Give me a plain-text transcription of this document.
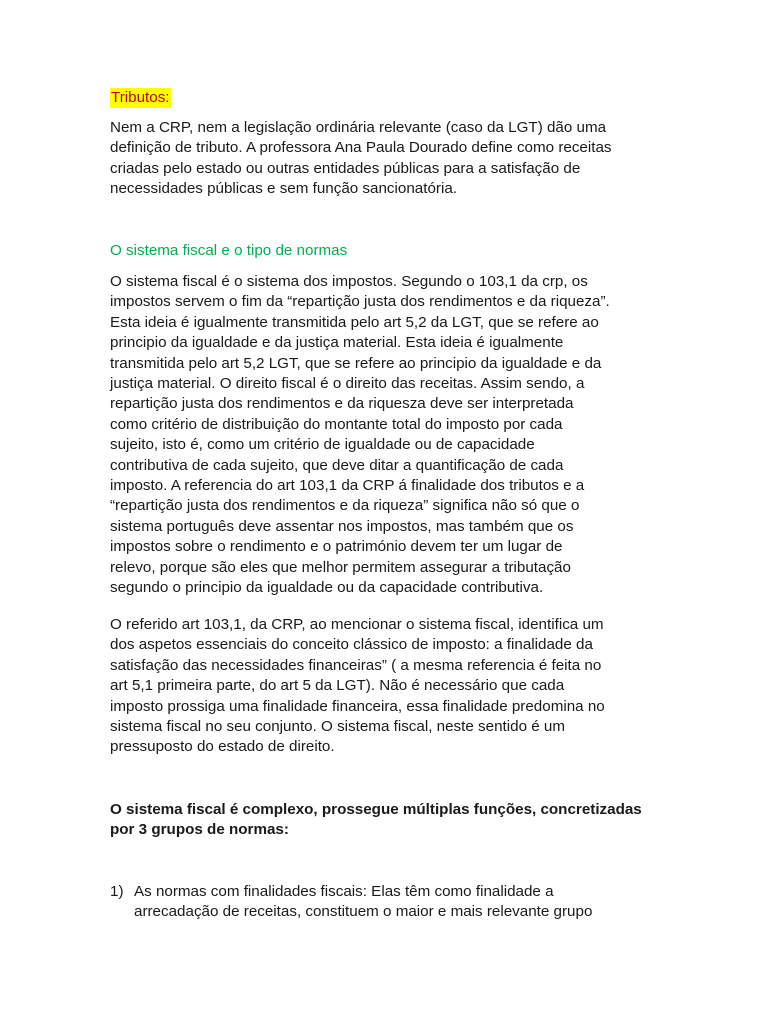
Tributos:

Nem a CRP, nem a legislação ordinária relevante (caso da LGT) dão uma
definição de tributo. A professora Ana Paula Dourado define como receitas
criadas pelo estado ou outras entidades públicas para a satisfação de
necessidades públicas e sem função sancionatória.

O sistema fiscal e o tipo de normas

O sistema fiscal é o sistema dos impostos. Segundo o 103,1 da crp, os
impostos servem o fim da “repartição justa dos rendimentos e da riqueza”.
Esta ideia é igualmente transmitida pelo art 5,2 da LGT, que se refere ao
principio da igualdade e da justiça material. Esta ideia é igualmente
transmitida pelo art 5,2 LGT, que se refere ao principio da igualdade e da
justiça material. O direito fiscal é o direito das receitas. Assim sendo, a
repartição justa dos rendimentos e da riquesza deve ser interpretada
como critério de distribuição do montante total do imposto por cada
sujeito, isto é, como um critério de igualdade ou de capacidade
contributiva de cada sujeito, que deve ditar a quantificação de cada
imposto. A referencia do art 103,1 da CRP á finalidade dos tributos e a
“repartição justa dos rendimentos e da riqueza” significa não só que o
sistema português deve assentar nos impostos, mas também que os
impostos sobre o rendimento e o património devem ter um lugar de
relevo, porque são eles que melhor permitem assegurar a tributação
segundo o principio da igualdade ou da capacidade contributiva.

O referido art 103,1, da CRP, ao mencionar o sistema fiscal, identifica um
dos aspetos essenciais do conceito clássico de imposto: a finalidade da
satisfação das necessidades financeiras” ( a mesma referencia é feita no
art 5,1 primeira parte, do art 5 da LGT). Não é necessário que cada
imposto prossiga uma finalidade financeira, essa finalidade predomina no
sistema fiscal no seu conjunto. O sistema fiscal, neste sentido é um
pressuposto do estado de direito.

O sistema fiscal é complexo, prossegue múltiplas funções, concretizadas
por 3 grupos de normas:

1) As normas com finalidades fiscais: Elas têm como finalidade a
arrecadação de receitas, constituem o maior e mais relevante grupo
